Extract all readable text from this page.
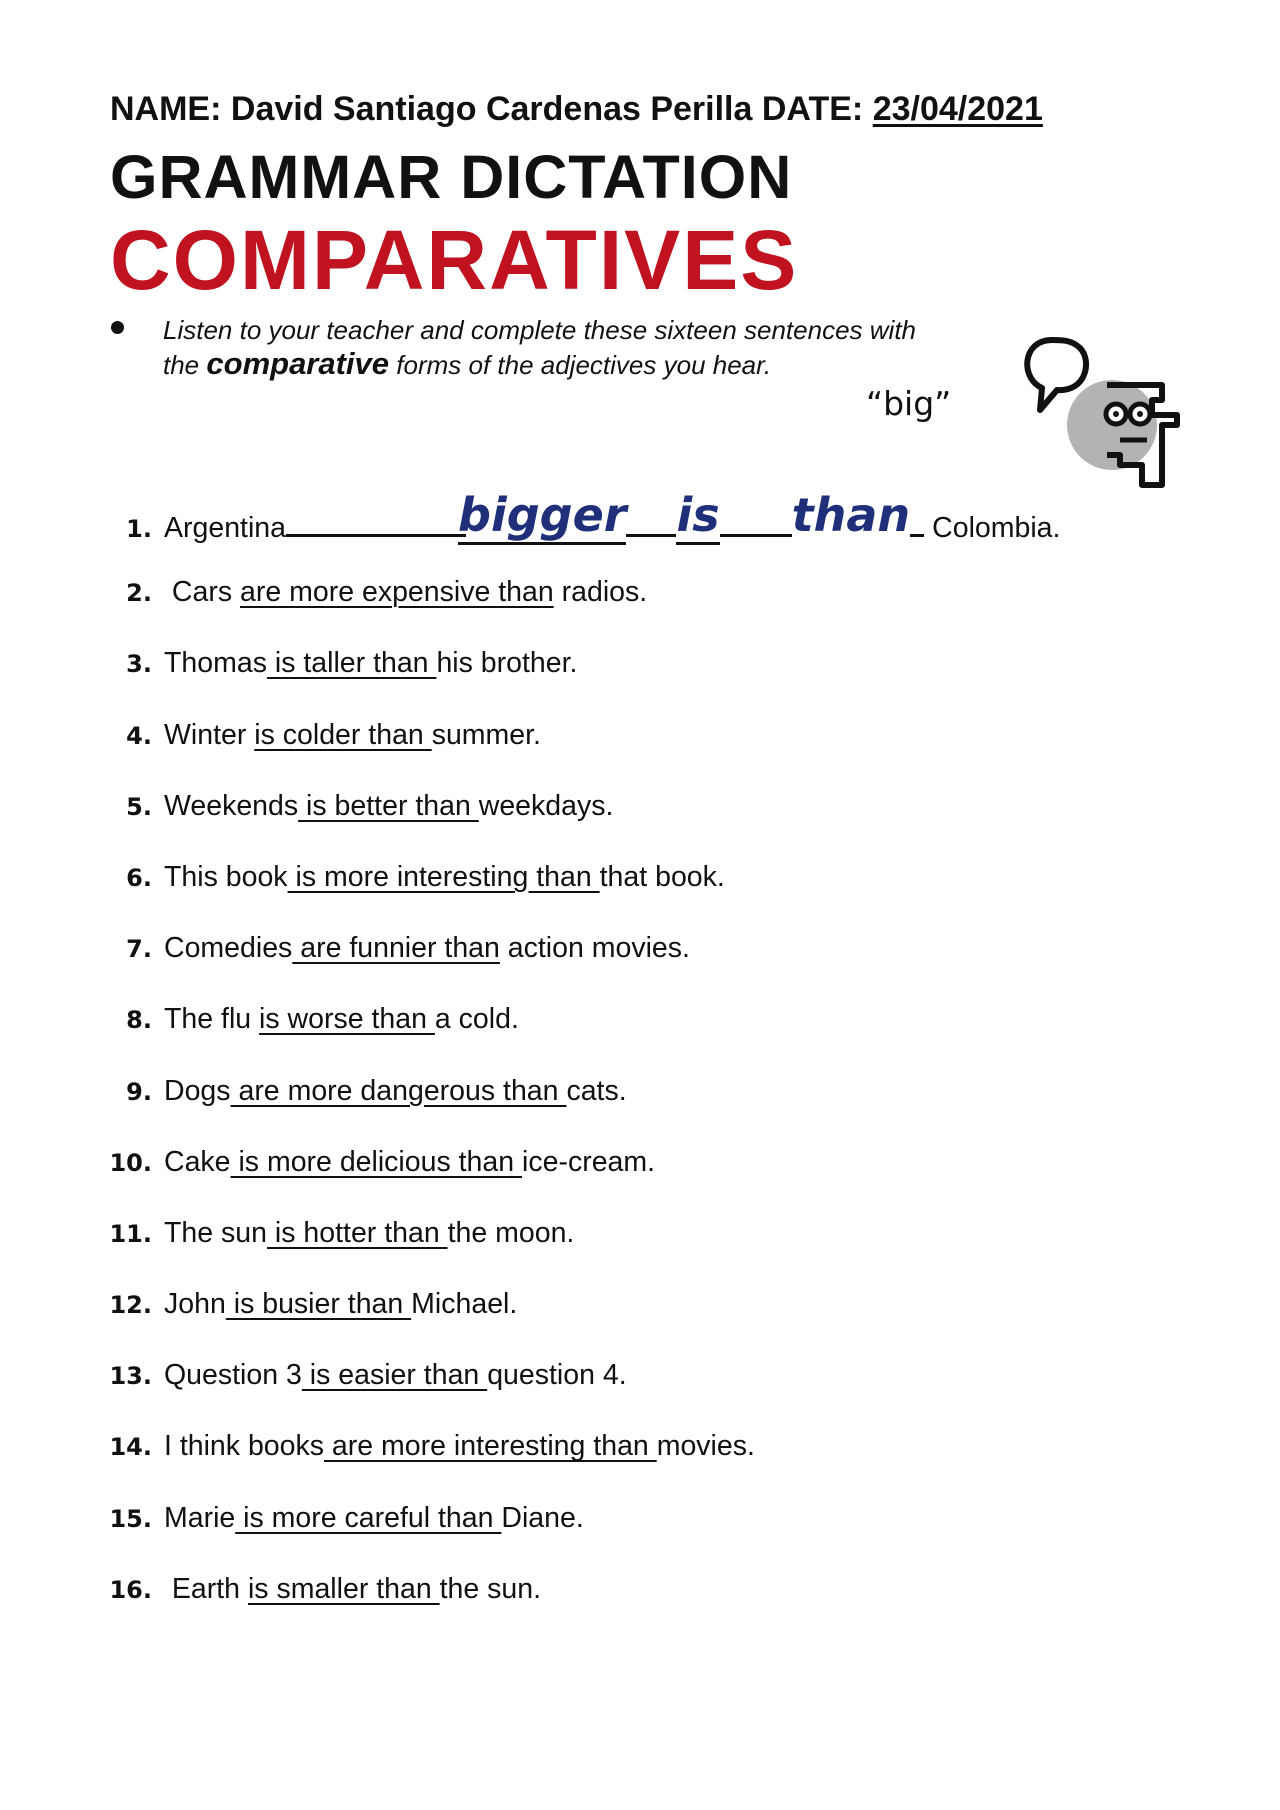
NAME: David Santiago Cardenas Perilla DATE: 23/04/2021
GRAMMAR DICTATION
COMPARATIVES
Listen to your teacher and complete these sixteen sentences with the comparative forms of the adjectives you hear.
“big”
1. Argentina	bigger is than Colombia.
2. Cars are more expensive than radios.
3. Thomas is taller than his brother.
4. Winter is colder than summer.
5. Weekends is better than weekdays.
6. This book is more interesting than that book.
7. Comedies are funnier than action movies.
8. The flu is worse than a cold.
9. Dogs are more dangerous than cats.
10. Cake is more delicious than ice-cream.
11. The sun is hotter than the moon.
12. John is busier than Michael.
13. Question 3 is easier than question 4.
14. I think books are more interesting than movies.
15. Marie is more careful than Diane.
16. Earth is smaller than the sun.
